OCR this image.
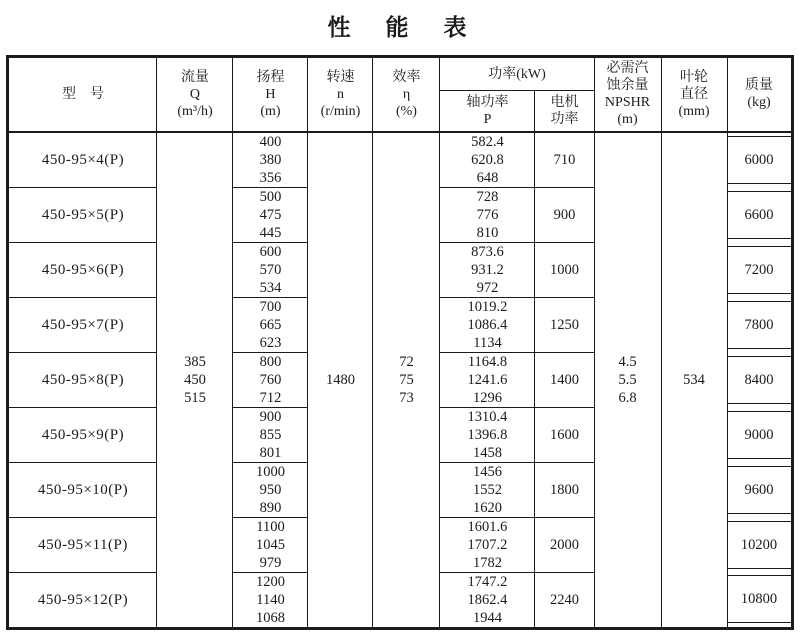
性　能　表
型　号	流量
Q
(m³/h)	扬程
H
(m)	转速
n
(r/min)	效率
η
(%)	功率(kW)		必需汽
蚀余量
NPSHR
(m)	叶轮
直径
(mm)	质量
(kg)

					轴功率
P	电机
功率			

450-95×4(P)	385
450
515	400
380
356	1480	72
75
73	582.4
620.8
648	710	4.5
5.5
6.8	534	6000

450-95×5(P)		500
475
445			728
776
810	900			6600

450-95×6(P)		600
570
534			873.6
931.2
972	1000			7200

450-95×7(P)		700
665
623			1019.2
1086.4
1134	1250			7800

450-95×8(P)		800
760
712			1164.8
1241.6
1296	1400			8400

450-95×9(P)		900
855
801			1310.4
1396.8
1458	1600			9000

450-95×10(P)		1000
950
890			1456
1552
1620	1800			9600

450-95×11(P)		1100
1045
979			1601.6
1707.2
1782	2000			10200

450-95×12(P)		1200
1140
1068			1747.2
1862.4
1944	2240			10800
